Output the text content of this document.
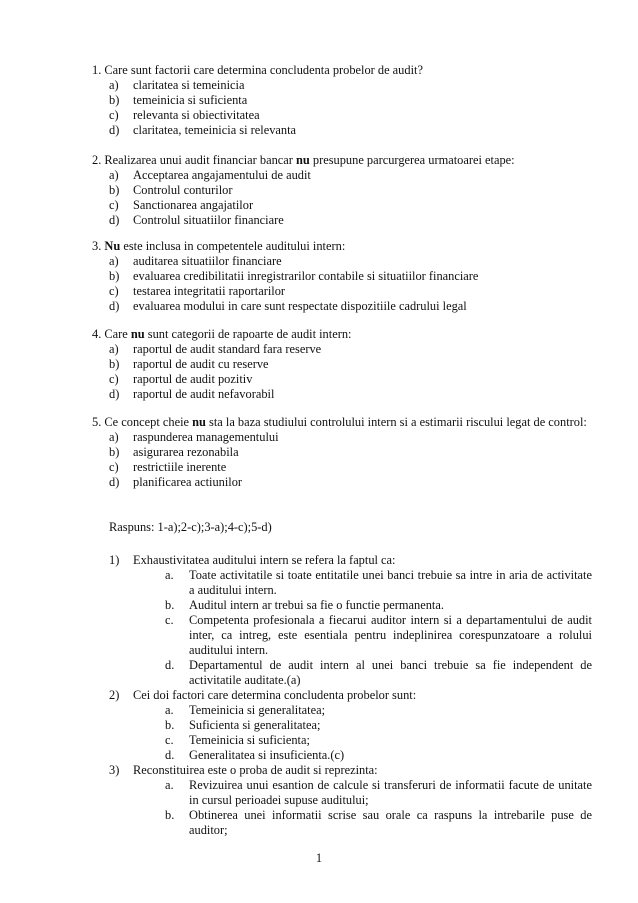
1. Care sunt factorii care determina concludenta probelor de audit?

a) claritatea si temeinicia
b) temeinicia si suficienta
c) relevanta si obiectivitatea
d) claritatea, temeinicia si relevanta

2. Realizarea unui audit financiar bancar nu presupune parcurgerea urmatoarei etape:

a) Acceptarea angajamentului de audit
b) Controlul conturilor
c) Sanctionarea angajatilor
d) Controlul situatiilor financiare

3. Nu este inclusa in competentele auditului intern:

a) auditarea situatiilor financiare
b) evaluarea credibilitatii inregistrarilor contabile si situatiilor financiare
c) testarea integritatii raportarilor
d) evaluarea modului in care sunt respectate dispozitiile cadrului legal

4. Care nu sunt categorii de rapoarte de audit intern:

a) raportul de audit standard fara reserve
b) raportul de audit cu reserve
c) raportul de audit pozitiv
d) raportul de audit nefavorabil

5. Ce concept cheie nu sta la baza studiului controlului intern si a estimarii riscului legat de control:

a) raspunderea managementului
b) asigurarea rezonabila
c) restrictiile inerente
d) planificarea actiunilor
Raspuns: 1-a);2-c);3-a);4-c);5-d)
1) Exhaustivitatea auditului intern se refera la faptul ca:
a. Toate activitatile si toate entitatile unei banci trebuie sa intre in aria de activitate a auditului intern.
b. Auditul intern ar trebui sa fie o functie permanenta.
c. Competenta profesionala a fiecarui auditor intern si a departamentului de audit inter, ca intreg, este esentiala pentru indeplinirea corespunzatoare a rolului auditului intern.
d. Departamentul de audit intern al unei banci trebuie sa fie independent de activitatile auditate.(a)
2) Cei doi factori care determina concludenta probelor sunt:
a. Temeinicia si generalitatea;
b. Suficienta si generalitatea;
c. Temeinicia si suficienta;
d. Generalitatea si insuficienta.(c)
3) Reconstituirea este o proba de audit si reprezinta:
a. Revizuirea unui esantion de calcule si transferuri de informatii facute de unitate in cursul perioadei supuse auditului;
b. Obtinerea unei informatii scrise sau orale ca raspuns la intrebarile puse de auditor;
1
